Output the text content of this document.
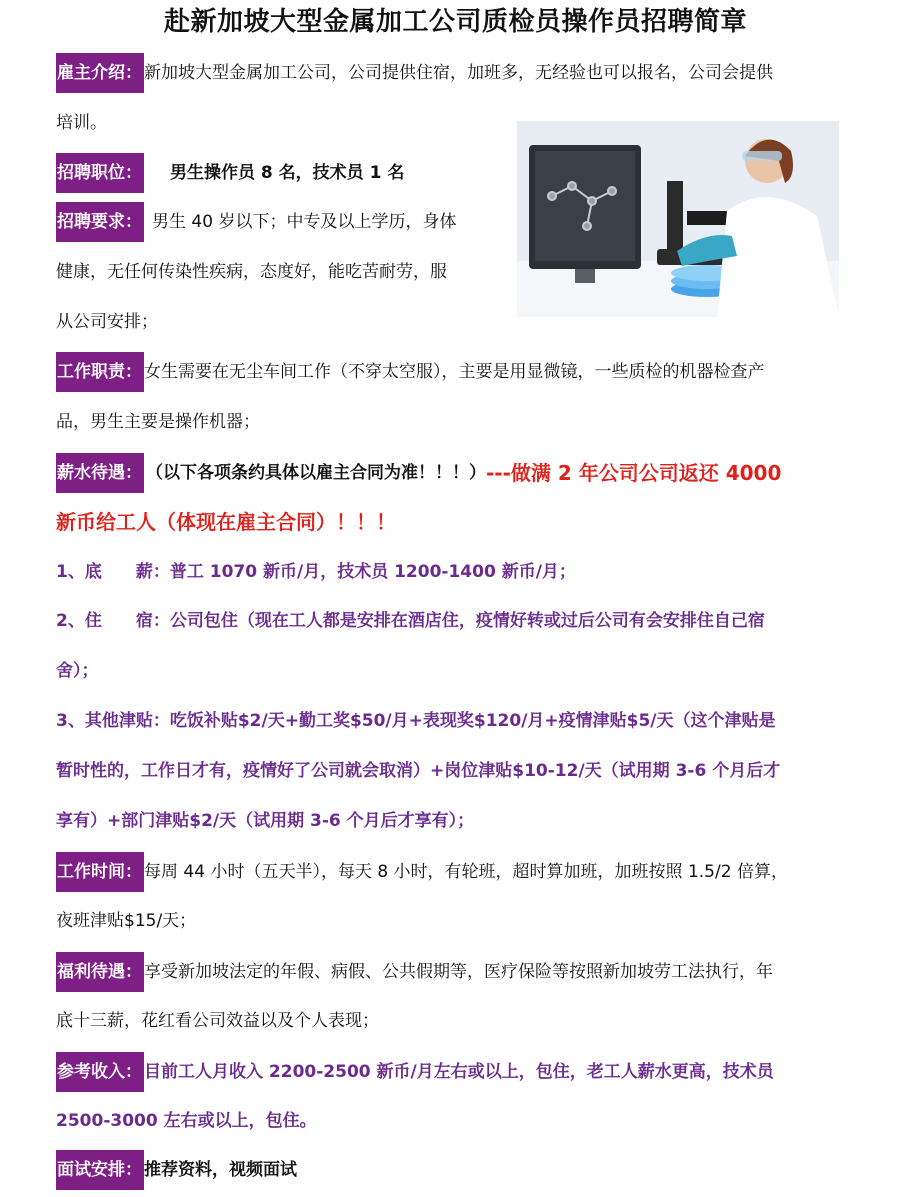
赴新加坡大型金属加工公司质检员操作员招聘简章
雇主介绍： 新加坡大型金属加工公司，公司提供住宿，加班多，无经验也可以报名，公司会提供
培训。
招聘职位： 男生操作员 8 名，技术员 1 名
招聘要求： 男生 40 岁以下；中专及以上学历，身体
健康，无任何传染性疾病，态度好，能吃苦耐劳，服
从公司安排；
工作职责： 女生需要在无尘车间工作（不穿太空服），主要是用显微镜，一些质检的机器检查产
品，男生主要是操作机器；
薪水待遇： （以下各项条约具体以雇主合同为准！！！）---做满 2 年公司公司返还 4000
新币给工人（体现在雇主合同）！！！
1、底　　薪：普工 1070 新币/月，技术员 1200-1400 新币/月；
2、住　　宿：公司包住（现在工人都是安排在酒店住，疫情好转或过后公司有会安排住自己宿
舍）；
3、其他津贴：吃饭补贴$2/天+勤工奖$50/月+表现奖$120/月+疫情津贴$5/天（这个津贴是
暂时性的，工作日才有，疫情好了公司就会取消）+岗位津贴$10-12/天（试用期 3-6 个月后才
享有）+部门津贴$2/天（试用期 3-6 个月后才享有）；
工作时间： 每周 44 小时（五天半），每天 8 小时，有轮班，超时算加班，加班按照 1.5/2 倍算，
夜班津贴$15/天；
福利待遇： 享受新加坡法定的年假、病假、公共假期等，医疗保险等按照新加坡劳工法执行，年
底十三薪，花红看公司效益以及个人表现；
参考收入： 目前工人月收入 2200-2500 新币/月左右或以上，包住，老工人薪水更高，技术员
2500-3000 左右或以上，包住。
面试安排： 推荐资料，视频面试
